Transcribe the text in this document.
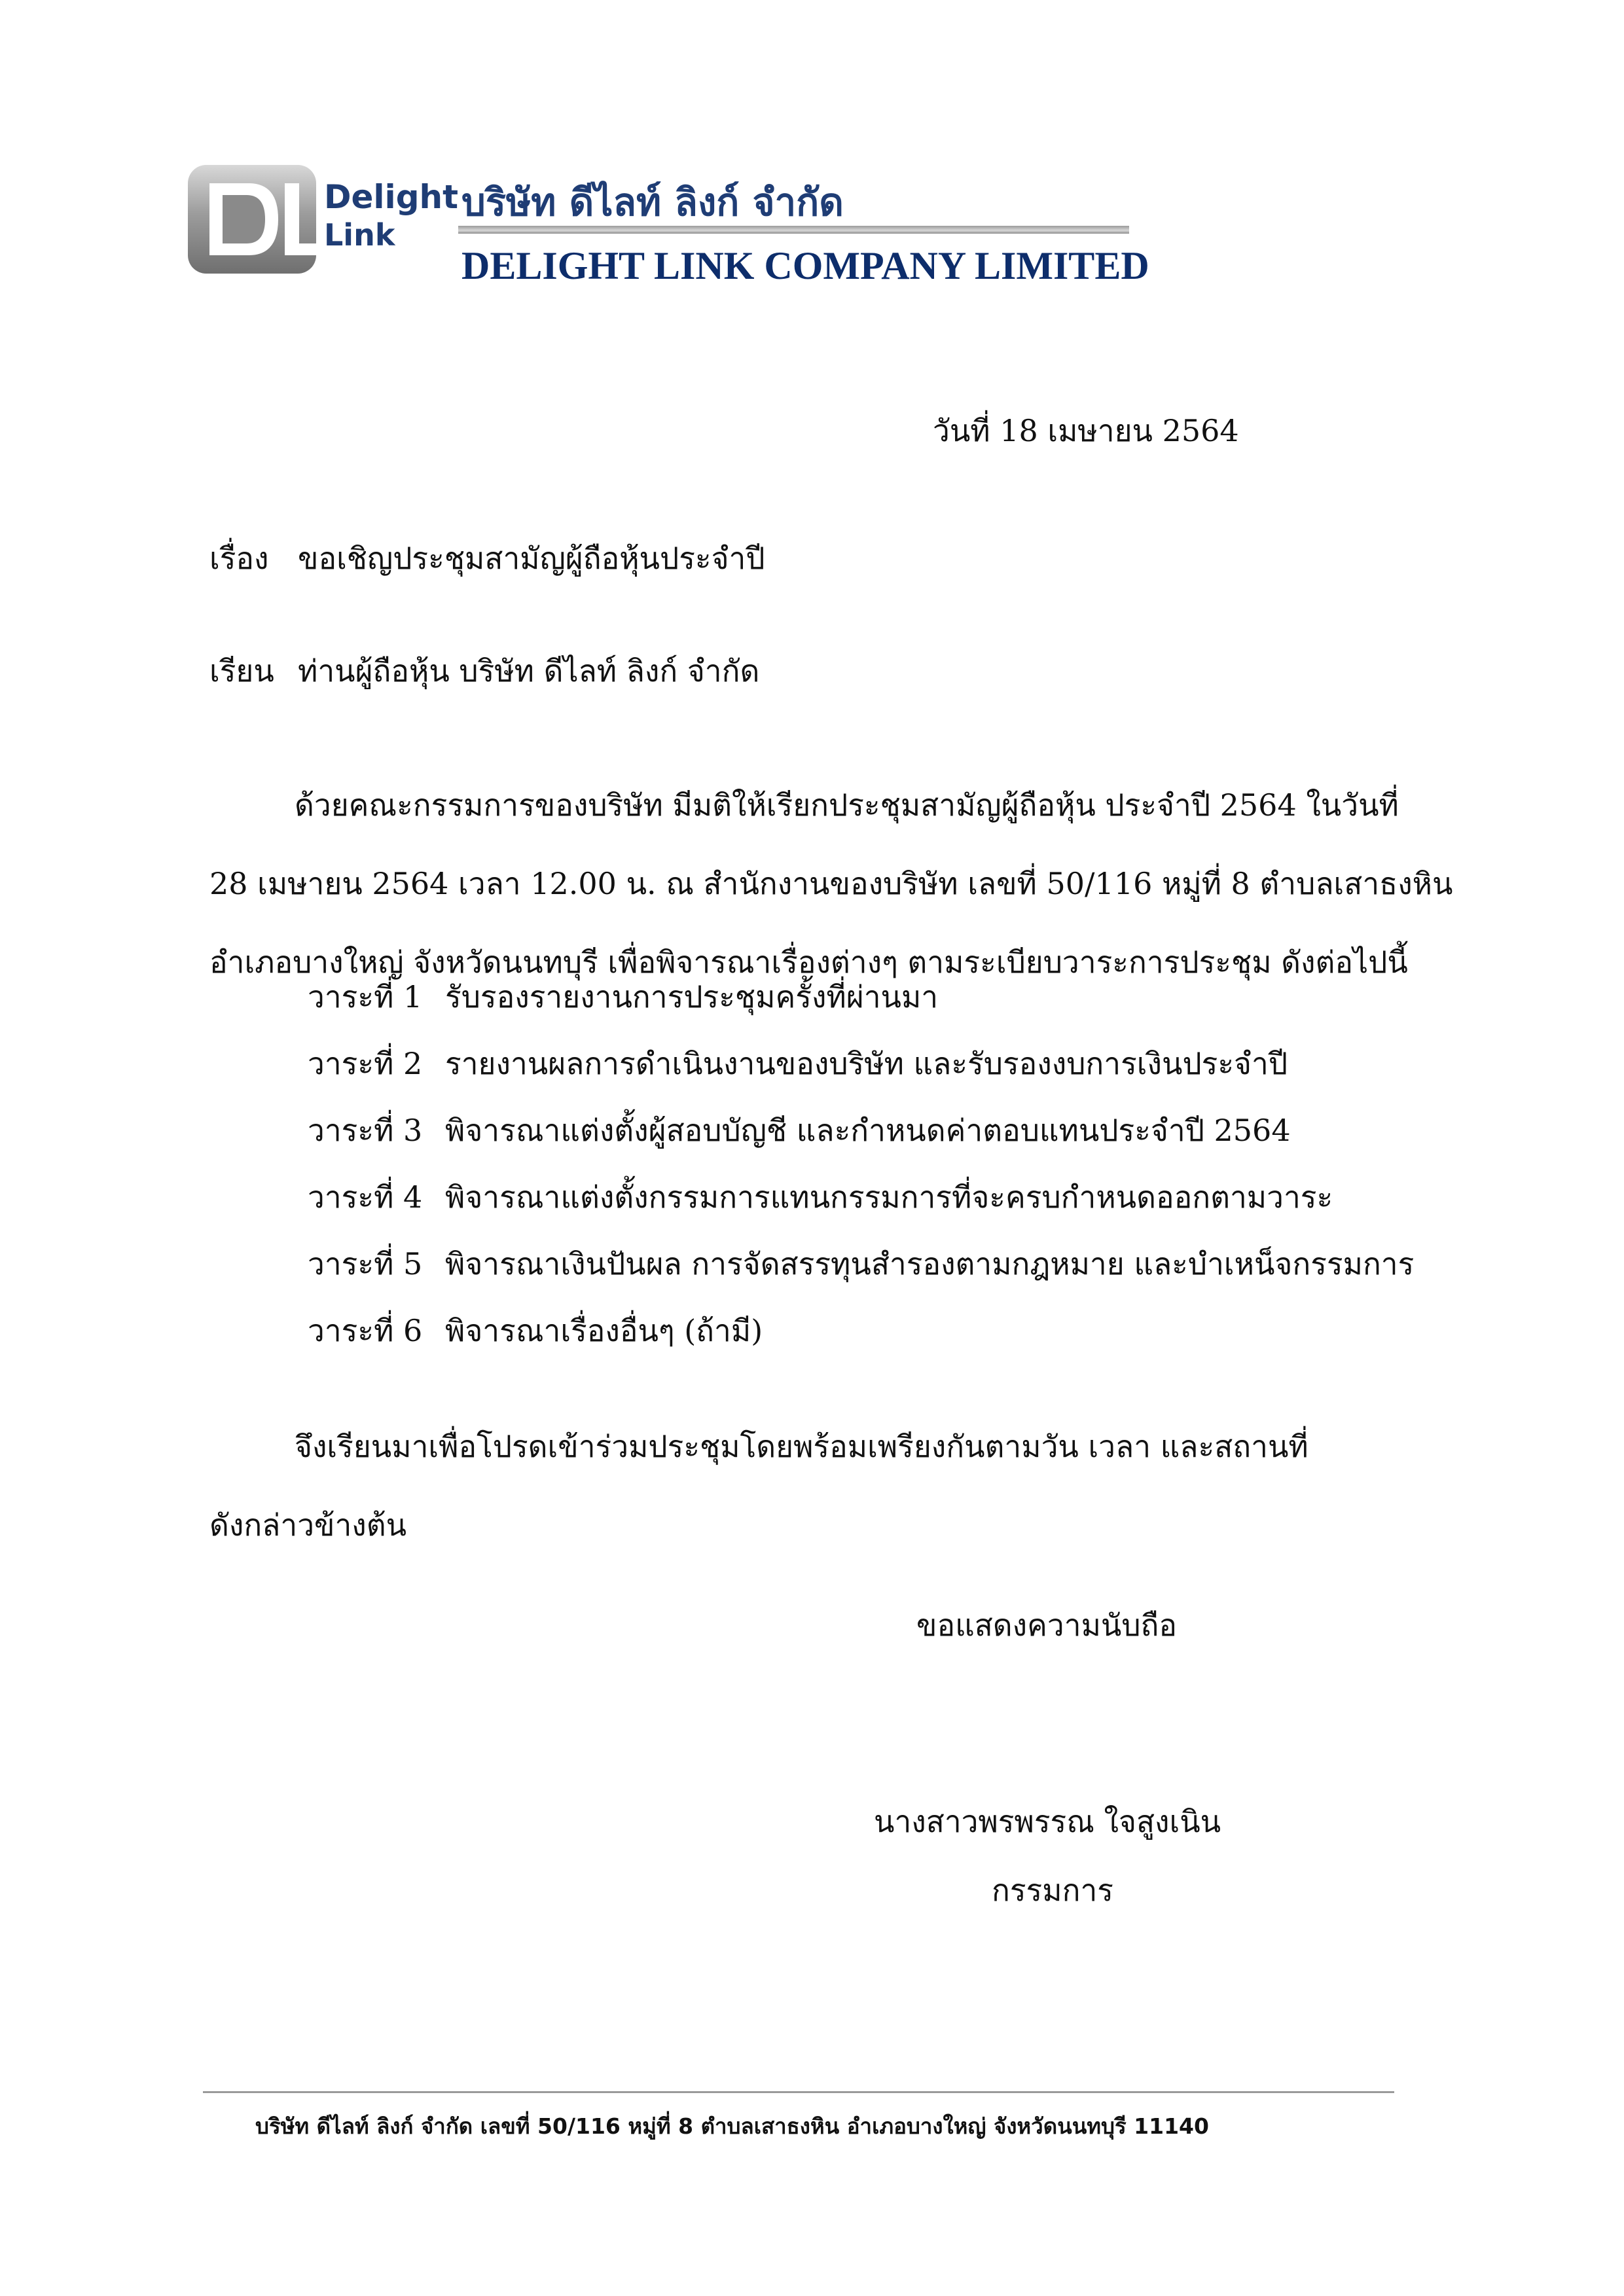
Delight
Link
บริษัท ดีไลท์ ลิงก์ จำกัด
DELIGHT LINK COMPANY LIMITED
วันที่ 18 เมษายน 2564
เรื่อง ขอเชิญประชุมสามัญผู้ถือหุ้นประจำปี
เรียน ท่านผู้ถือหุ้น บริษัท ดีไลท์ ลิงก์ จำกัด
ด้วยคณะกรรมการของบริษัท มีมติให้เรียกประชุมสามัญผู้ถือหุ้น ประจำปี 2564 ในวันที่
28 เมษายน 2564 เวลา 12.00 น. ณ สำนักงานของบริษัท เลขที่ 50/116 หมู่ที่ 8 ตำบลเสาธงหิน
อำเภอบางใหญ่ จังหวัดนนทบุรี เพื่อพิจารณาเรื่องต่างๆ ตามระเบียบวาระการประชุม ดังต่อไปนี้
วาระที่ 1 รับรองรายงานการประชุมครั้งที่ผ่านมา
วาระที่ 2 รายงานผลการดำเนินงานของบริษัท และรับรองงบการเงินประจำปี
วาระที่ 3 พิจารณาแต่งตั้งผู้สอบบัญชี และกำหนดค่าตอบแทนประจำปี 2564
วาระที่ 4 พิจารณาแต่งตั้งกรรมการแทนกรรมการที่จะครบกำหนดออกตามวาระ
วาระที่ 5 พิจารณาเงินปันผล การจัดสรรทุนสำรองตามกฎหมาย และบำเหน็จกรรมการ
วาระที่ 6 พิจารณาเรื่องอื่นๆ (ถ้ามี)
จึงเรียนมาเพื่อโปรดเข้าร่วมประชุมโดยพร้อมเพรียงกันตามวัน เวลา และสถานที่
ดังกล่าวข้างต้น
ขอแสดงความนับถือ
นางสาวพรพรรณ ใจสูงเนิน
กรรมการ
บริษัท ดีไลท์ ลิงก์ จำกัด เลขที่ 50/116 หมู่ที่ 8 ตำบลเสาธงหิน อำเภอบางใหญ่ จังหวัดนนทบุรี 11140
